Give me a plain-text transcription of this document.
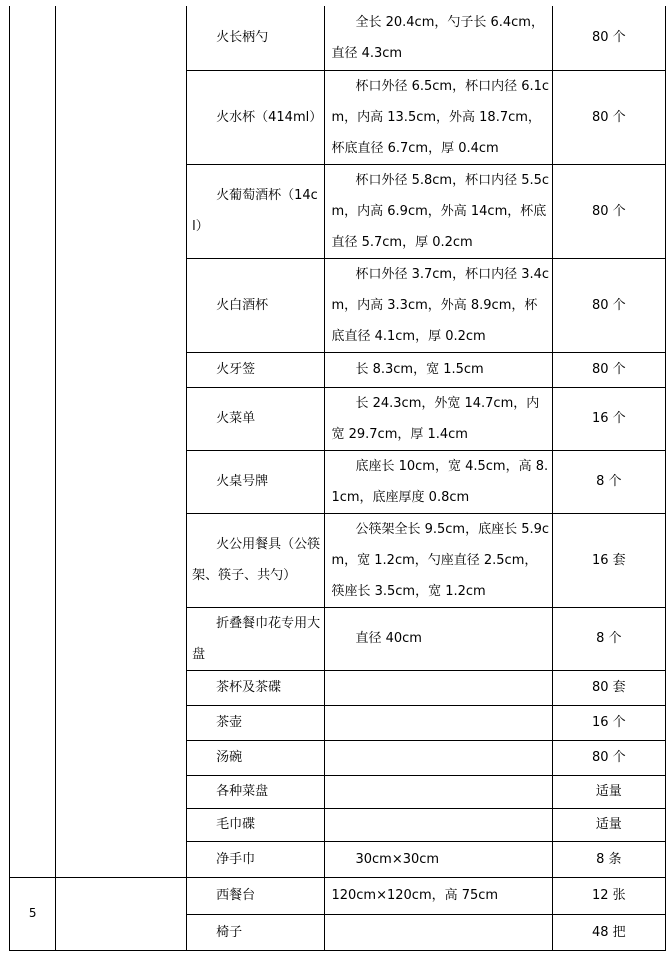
		火长柄勺	全长 20.4cm，勺子长 6.4cm，直径 4.3cm	80 个

		火水杯（414ml）	杯口外径 6.5cm，杯口内径 6.1cm，内高 13.5cm，外高 18.7cm，杯底直径 6.7cm，厚 0.4cm	80 个

		火葡萄酒杯（14cl）	杯口外径 5.8cm，杯口内径 5.5cm，内高 6.9cm，外高 14cm，杯底直径 5.7cm，厚 0.2cm	80 个

		火白酒杯	杯口外径 3.7cm，杯口内径 3.4cm，内高 3.3cm，外高 8.9cm，杯底直径 4.1cm，厚 0.2cm	80 个

		火牙签	长 8.3cm，宽 1.5cm	80 个

		火菜单	长 24.3cm，外宽 14.7cm，内宽 29.7cm，厚 1.4cm	16 个

		火桌号牌	底座长 10cm，宽 4.5cm，高 8.1cm，底座厚度 0.8cm	8 个

		火公用餐具（公筷架、筷子、共勺）	公筷架全长 9.5cm，底座长 5.9cm，宽 1.2cm，勺座直径 2.5cm，筷座长 3.5cm，宽 1.2cm	16 套

		折叠餐巾花专用大盘	直径 40cm	8 个

		茶杯及茶碟		80 套

		茶壶		16 个

		汤碗		80 个

		各种菜盘		适量

		毛巾碟		适量

		净手巾	30cm×30cm	8 条
5		西餐台	120cm×120cm，高 75cm	12 张

		椅子		48 把
